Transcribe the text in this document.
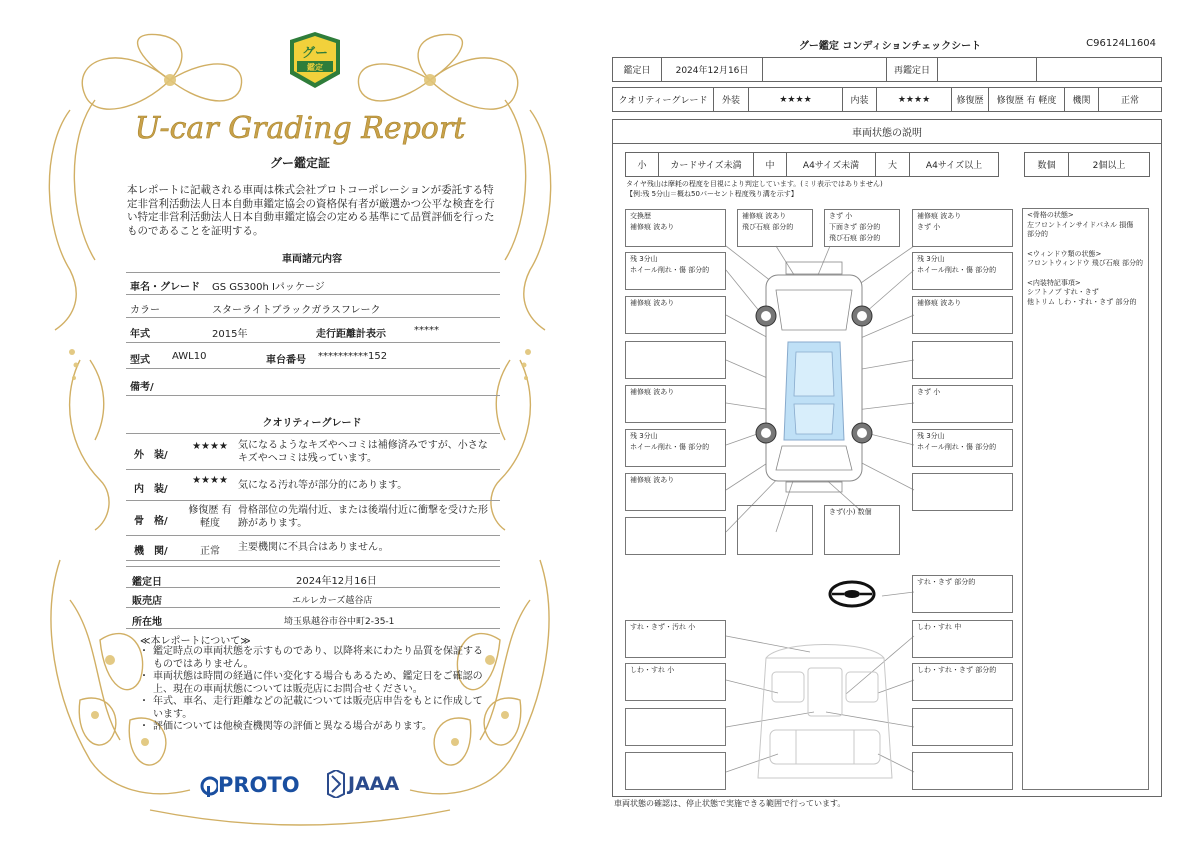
グー
鑑定
U-car Grading Report
グー鑑定証
本レポートに記載される車両は株式会社プロトコーポレーションが委託する特定非営利活動法人日本自動車鑑定協会の資格保有者が厳選かつ公平な検査を行い特定非営利活動法人日本自動車鑑定協会の定める基準にて品質評価を行ったものであることを証明する。
車両諸元内容
車名・グレード GS GS300h Iパッケージ
カラー	スターライトブラックガラスフレーク
年式	2015年	走行距離計表示	*****
型式 AWL10	車台番号 **********152
備考/
クオリティーグレード
外　装/
★★★★	気になるようなキズやヘコミは補修済みですが、小さなキズやヘコミは残っています。
内　装/
★★★★	気になる汚れ等が部分的にあります。
骨　格/
修復歴 有 軽度
骨格部位の先端付近、または後端付近に衝撃を受けた形跡があります。
機　関/	正常	主要機関に不具合はありません。
鑑定日	2024年12月16日
販売店	エルレカーズ越谷店
所在地	埼玉県越谷市谷中町2-35-1
≪本レポートについて≫
・ 鑑定時点の車両状態を示すものであり、以降将来にわたり品質を保証するものではありません。
・ 車両状態は時間の経過に伴い変化する場合もあるため、鑑定日をご確認の上、現在の車両状態については販売店にお問合せください。
・ 年式、車名、走行距離などの記載については販売店申告をもとに作成しています。
・ 評価については他検査機関等の評価と異なる場合があります。
PROTO	JAAA
グー鑑定 コンディションチェックシート	C96124L1604
鑑定日	2024年12月16日	再鑑定日
クオリティーグレード 外装	★★★★	内装	★★★★	修復歴 修復歴 有 軽度 機関	正常
車両状態の説明
小	カードサイズ未満	中	A4サイズ未満	大	A4サイズ以上	数個	2個以上
タイヤ残山は摩耗の程度を目視により判定しています。(ミリ表示ではありません)
【例:残 5分山＝概ね50パーセント程度残り溝を示す】
交換歴
補修痕 波あり
補修痕 波あり
飛び石痕 部分的
きず 小
下面きず 部分的
飛び石痕 部分的
補修痕 波あり
きず 小
残 3分山
ホイール削れ・傷 部分的
残 3分山
ホイール削れ・傷 部分的
補修痕 波あり	補修痕 波あり
補修痕 波あり	きず 小
残 3分山
ホイール削れ・傷 部分的
残 3分山
ホイール削れ・傷 部分的
補修痕 波あり
きず(小) 数個
すれ・きず 部分的
すれ・きず・汚れ 小	しわ・すれ 中
しわ・すれ 小	しわ・すれ・きず 部分的

<骨格の状態>
左フロントインサイドパネル 損傷
部分的

<ウィンドウ類の状態>
フロントウィンドウ 飛び石痕 部分的

<内装特記事項>
シフトノブ すれ・きず
他トリム しわ・すれ・きず 部分的

車両状態の確認は、停止状態で実施できる範囲で行っています。
